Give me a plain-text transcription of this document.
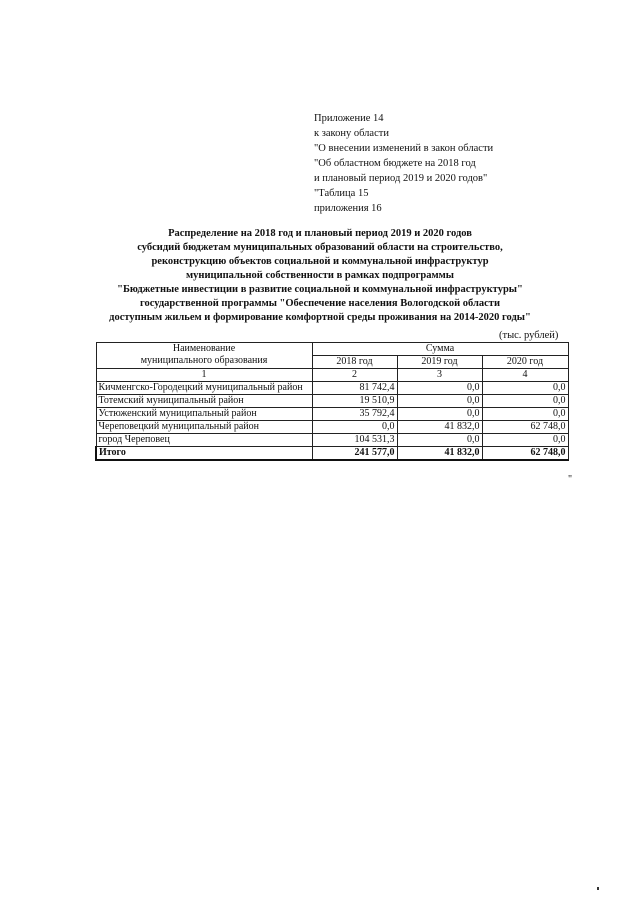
Приложение 14
к закону области
"О внесении изменений в закон области
"Об областном бюджете на 2018 год
и плановый период 2019 и 2020 годов"
"Таблица 15
приложения 16
Распределение на 2018 год и плановый период 2019 и 2020 годов
субсидий бюджетам муниципальных образований области на строительство,
реконструкцию объектов социальной и коммунальной инфраструктур
муниципальной собственности в рамках подпрограммы
"Бюджетные инвестиции в развитие социальной и коммунальной инфраструктуры"
государственной программы "Обеспечение населения Вологодской области
доступным жильем и формирование комфортной среды проживания на 2014-2020 годы"
(тыс. рублей)
Наименование
муниципального образования	Сумма		
	2018 год	2019 год	2020 год
1	2	3	4
Кичменгско-Городецкий муниципальный район	81 742,4	0,0	0,0
Тотемский муниципальный район	19 510,9	0,0	0,0
Устюженский муниципальный район	35 792,4	0,0	0,0
Череповецкий муниципальный район	0,0	41 832,0	62 748,0
город Череповец	104 531,3	0,0	0,0
Итого	241 577,0	41 832,0	62 748,0
"
